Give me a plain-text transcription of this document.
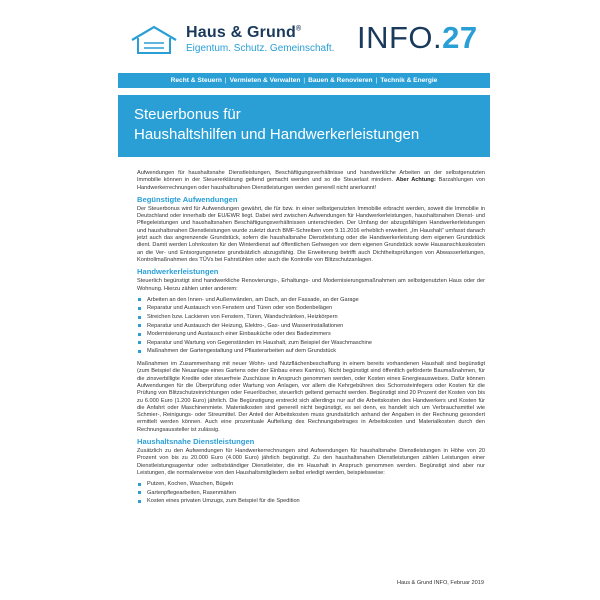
Haus & Grund®
Eigentum. Schutz. Gemeinschaft. INFO.27
Recht & Steuern | Vermieten & Verwalten | Bauen & Renovieren | Technik & Energie
Steuerbonus für
Haushaltshilfen und Handwerkerleistungen

Aufwendungen für haushaltsnahe Dienstleistungen, Beschäftigungsverhältnisse und handwerkliche Arbeiten an der selbstgenutzten Immobilie können in der Steuererklärung geltend gemacht werden und so die Steuerlast mindern. Aber Achtung: Barzahlungen von Handwerkerrechnungen oder haushaltsnahen Dienstleistungen werden generell nicht anerkannt!

Begünstigte Aufwendungen

Der Steuerbonus wird für Aufwendungen gewährt, die für bzw. in einer selbstgenutzten Immobilie erbracht werden, soweit die Immobilie in Deutschland oder innerhalb der EU/EWR liegt. Dabei wird zwischen Aufwendungen für Handwerkerleistungen, haushaltsnahen Dienst- und Pflegeleistungen und haushaltsnahen Beschäftigungsverhältnissen unterschieden. Der Umfang der abzugsfähigen Handwerkerleistungen und haushaltsnahen Dienstleistungen wurde zuletzt durch BMF-Schreiben vom 9.11.2016 erheblich erweitert. „Im Haushalt“ umfasst danach jetzt auch das angrenzende Grundstück, sofern die haushaltsnahe Dienstleistung oder die Handwerkerleistung dem eigenen Grundstück dient. Damit werden Lohnkosten für den Winterdienst auf öffentlichen Gehwegen vor dem eigenen Grundstück sowie Hausanschlusskosten an die Ver- und Entsorgungsnetze grundsätzlich abzugsfähig. Die Erweiterung betrifft auch Dichtheitsprüfungen von Abwasserleitungen, Kontrollmaßnahmen des TÜVs bei Fahrstühlen oder auch die Kontrolle von Blitzschutzanlagen.

Handwerkerleistungen

Steuerlich begünstigt sind handwerkliche Renovierungs-, Erhaltungs- und Modernisierungsmaßnahmen am selbstgenutzten Haus oder der Wohnung. Hierzu zählen unter anderem:

Arbeiten an den Innen- und Außenwänden, am Dach, an der Fassade, an der Garage
Reparatur und Austausch von Fenstern und Türen oder von Bodenbelägen
Streichen bzw. Lackieren von Fenstern, Türen, Wandschränken, Heizkörpern
Reparatur und Austausch der Heizung, Elektro-, Gas- und Wasserinstallationen
Modernisierung und Austausch einer Einbauküche oder des Badezimmers
Reparatur und Wartung von Gegenständen im Haushalt, zum Beispiel der Waschmaschine
Maßnahmen der Gartengestaltung und Pflasterarbeiten auf dem Grundstück

Maßnahmen im Zusammenhang mit neuer Wohn- und Nutzflächenbeschaffung in einem bereits vorhandenen Haushalt sind begünstigt (zum Beispiel die Neuanlage eines Gartens oder der Einbau eines Kamins). Nicht begünstigt sind öffentlich geförderte Baumaßnahmen, für die zinsverbilligte Kredite oder steuerfreie Zuschüsse in Anspruch genommen werden, oder Kosten eines Energieausweises. Dafür können Aufwendungen für die Überprüfung oder Wartung von Anlagen, vor allem die Kehrgebühren des Schornsteinfegers oder Kosten für die Prüfung von Blitzschutzeinrichtungen oder Feuerlöscher, steuerlich geltend gemacht werden. Begünstigt sind 20 Prozent der Kosten von bis zu 6.000 Euro (1.200 Euro) jährlich. Die Begünstigung erstreckt sich allerdings nur auf die Arbeitskosten des Handwerkers und Kosten für die Anfahrt oder Maschinenmiete. Materialkosten sind generell nicht begünstigt, es sei denn, es handelt sich um Verbrauchsmittel wie Schmier-, Reinigungs- oder Streumittel. Der Anteil der Arbeitskosten muss grundsätzlich anhand der Angaben in der Rechnung gesondert ermittelt werden können. Auch eine prozentuale Aufteilung des Rechnungsbetrages in Arbeitskosten und Materialkosten durch den Rechnungsaussteller ist zulässig.

Haushaltsnahe Dienstleistungen

Zusätzlich zu den Aufwendungen für Handwerkerrechnungen sind Aufwendungen für haushaltsnahe Dienstleistungen in Höhe von 20 Prozent von bis zu 20.000 Euro (4.000 Euro) jährlich begünstigt. Zu den haushaltsnahen Dienstleistungen zählen Leistungen einer Dienstleistungsagentur oder selbstständiger Dienstleister, die im Haushalt in Anspruch genommen werden. Begünstigt sind aber nur Leistungen, die normalerweise von den Haushaltsmitgliedern selbst erledigt werden, beispielsweise:

Putzen, Kochen, Waschen, Bügeln
Gartenpflegearbeiten, Rasenmähen
Kosten eines privaten Umzugs, zum Beispiel für die Spedition
Haus & Grund INFO, Februar 2019
